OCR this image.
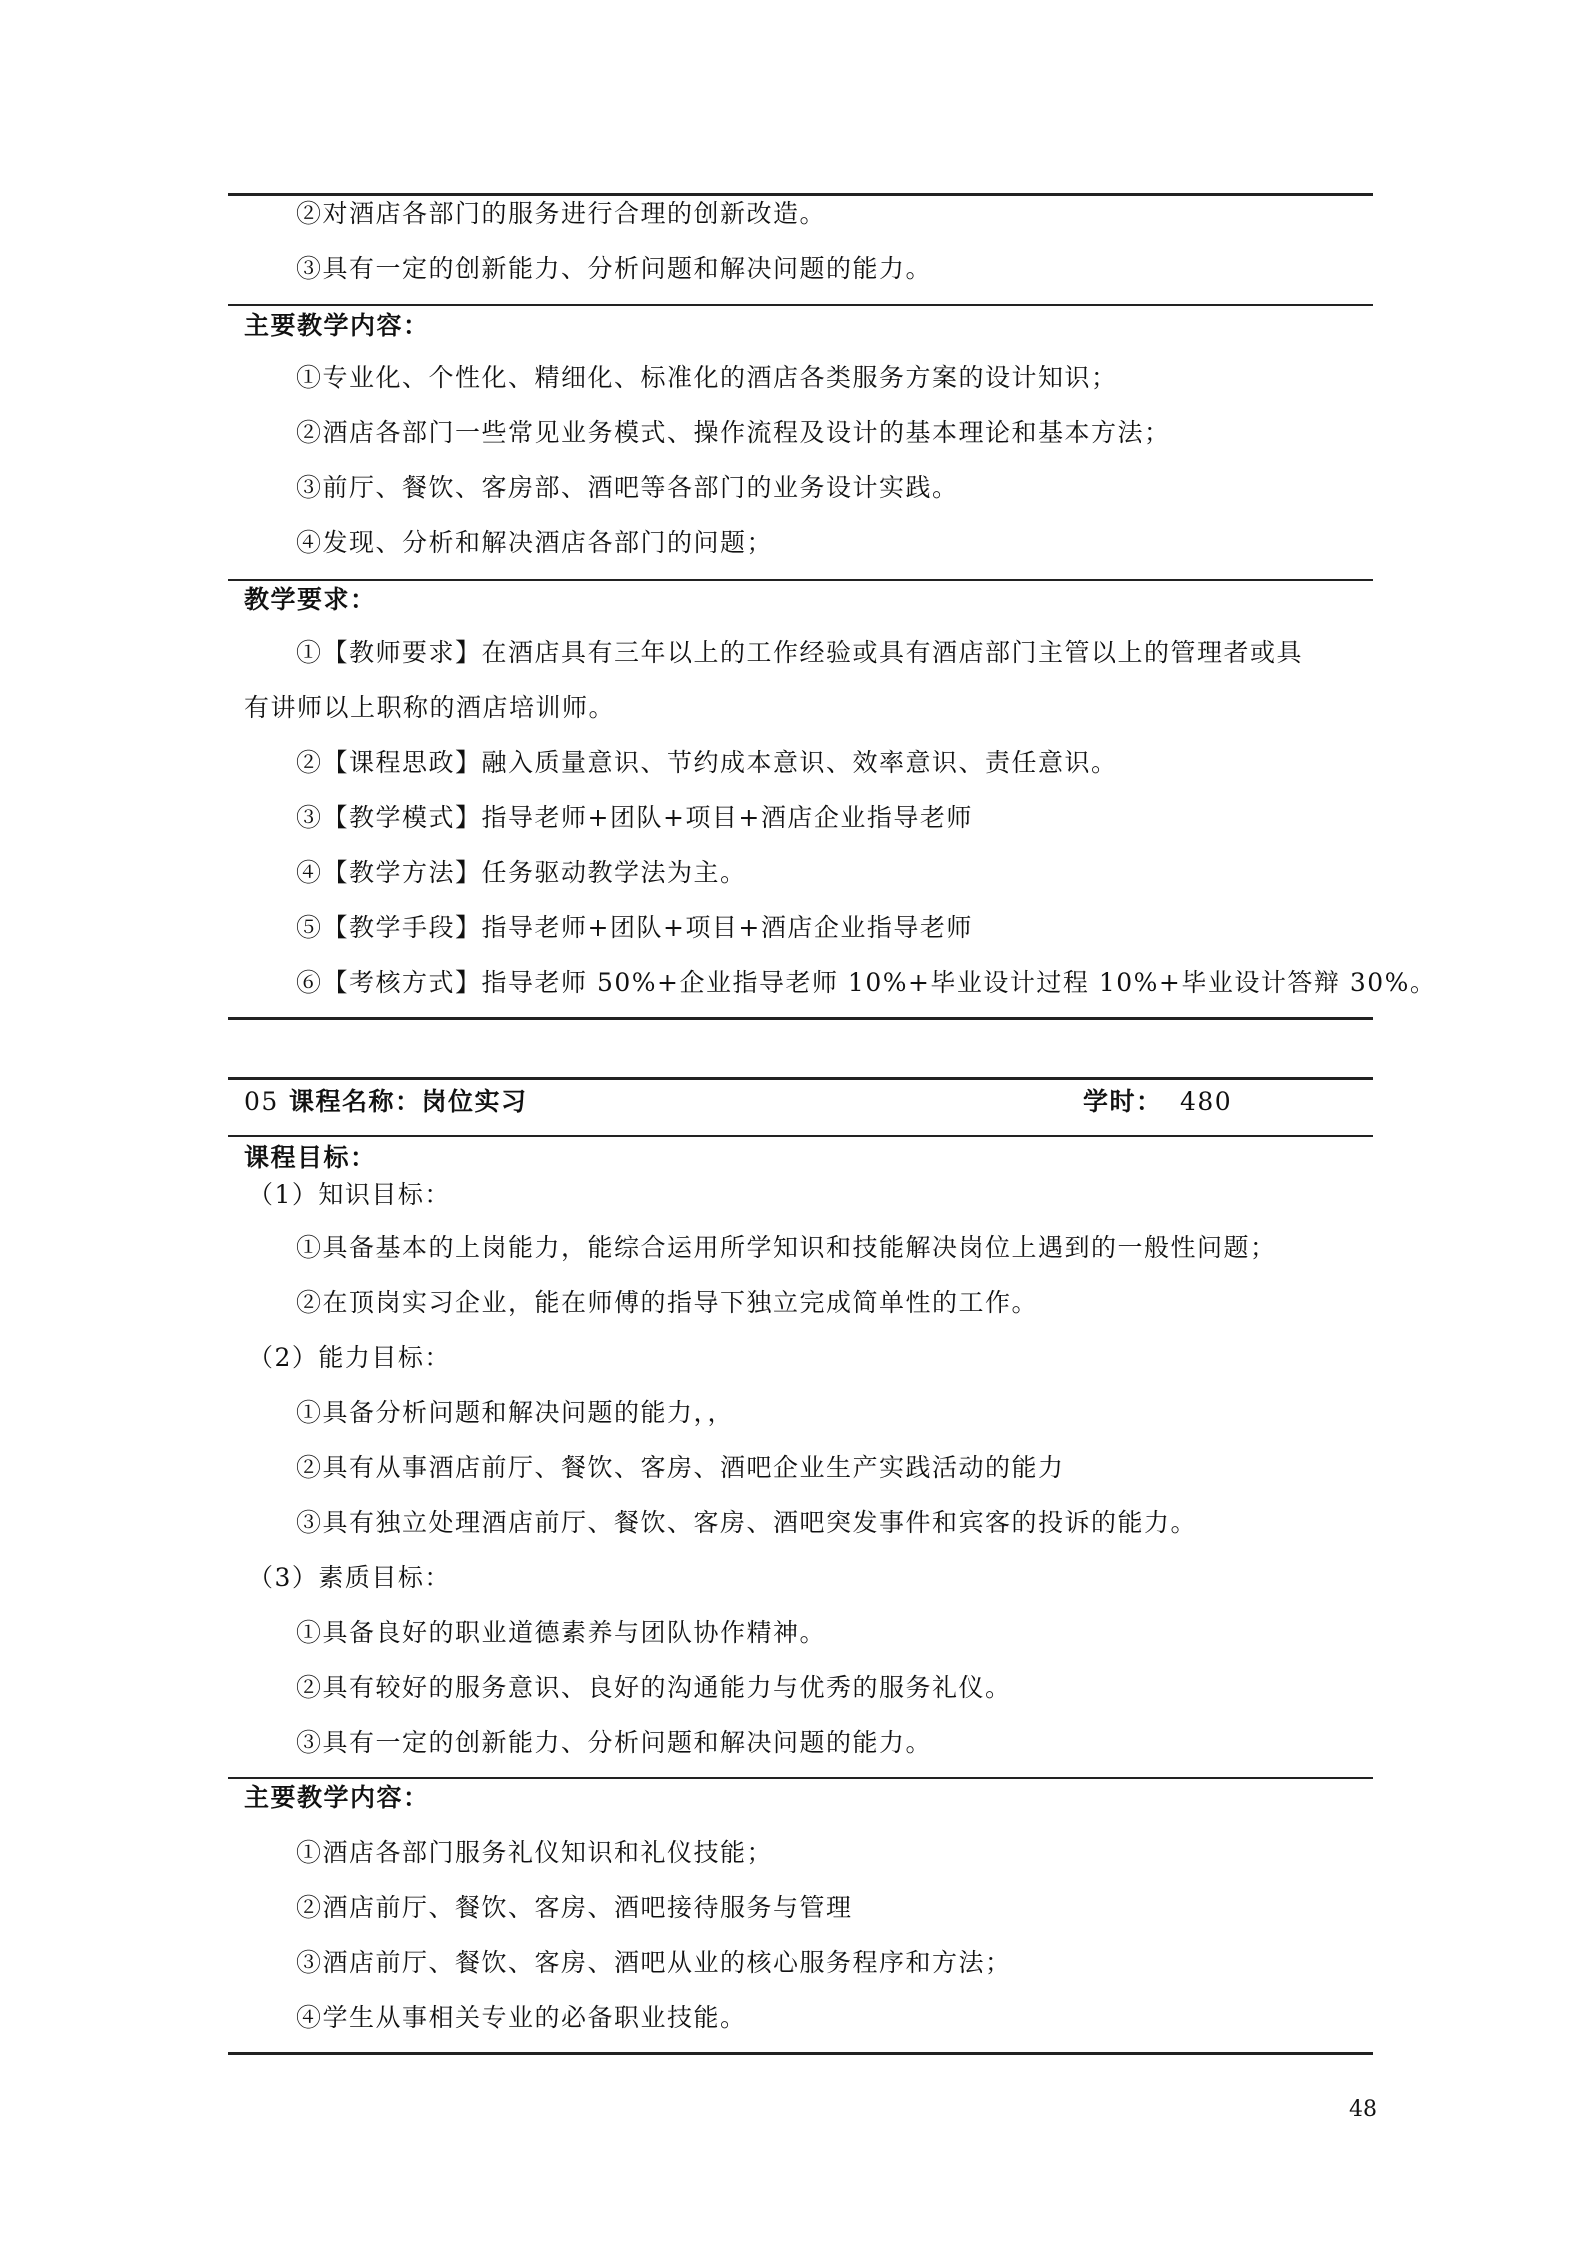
②对酒店各部门的服务进行合理的创新改造。
③具有一定的创新能力、分析问题和解决问题的能力。
主要教学内容：
①专业化、个性化、精细化、标准化的酒店各类服务方案的设计知识；
②酒店各部门一些常见业务模式、操作流程及设计的基本理论和基本方法；
③前厅、餐饮、客房部、酒吧等各部门的业务设计实践。
④发现、分析和解决酒店各部门的问题；
教学要求：
①【教师要求】在酒店具有三年以上的工作经验或具有酒店部门主管以上的管理者或具
有讲师以上职称的酒店培训师。
②【课程思政】融入质量意识、节约成本意识、效率意识、责任意识。
③【教学模式】指导老师+团队+项目+酒店企业指导老师
④【教学方法】任务驱动教学法为主。
⑤【教学手段】指导老师+团队+项目+酒店企业指导老师
⑥【考核方式】指导老师 50%+企业指导老师 10%+毕业设计过程 10%+毕业设计答辩 30%。
05 课程名称：岗位实习	学时： 480
课程目标：
（1）知识目标：
①具备基本的上岗能力，能综合运用所学知识和技能解决岗位上遇到的一般性问题；
②在顶岗实习企业，能在师傅的指导下独立完成简单性的工作。
（2）能力目标：
①具备分析问题和解决问题的能力，，
②具有从事酒店前厅、餐饮、客房、酒吧企业生产实践活动的能力
③具有独立处理酒店前厅、餐饮、客房、酒吧突发事件和宾客的投诉的能力。
（3）素质目标：
①具备良好的职业道德素养与团队协作精神。
②具有较好的服务意识、良好的沟通能力与优秀的服务礼仪。
③具有一定的创新能力、分析问题和解决问题的能力。
主要教学内容：
①酒店各部门服务礼仪知识和礼仪技能；
②酒店前厅、餐饮、客房、酒吧接待服务与管理
③酒店前厅、餐饮、客房、酒吧从业的核心服务程序和方法；
④学生从事相关专业的必备职业技能。
48
